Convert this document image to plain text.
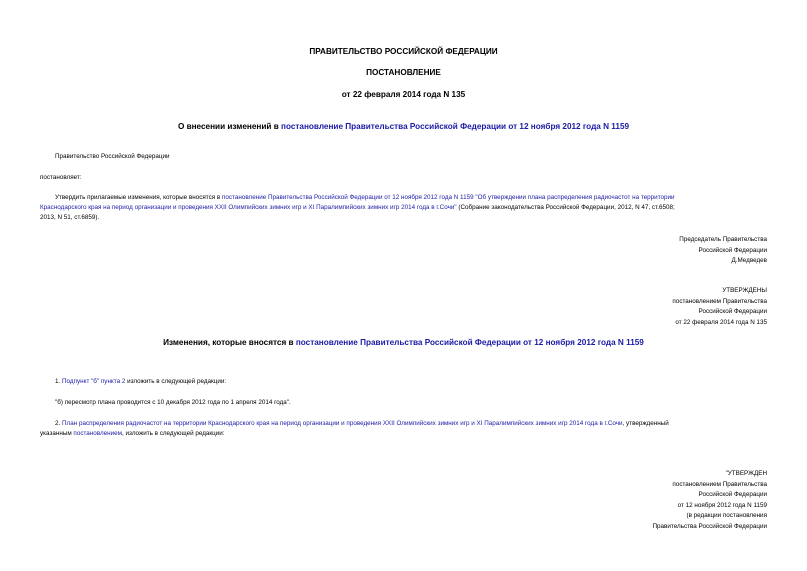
ПРАВИТЕЛЬСТВО РОССИЙСКОЙ ФЕДЕРАЦИИ
ПОСТАНОВЛЕНИЕ
от 22 февраля 2014 года N 135
О внесении изменений в постановление Правительства Российской Федерации от 12 ноября 2012 года N 1159
Правительство Российской Федерации
постановляет:
Утвердить прилагаемые изменения, которые вносятся в постановление Правительства Российской Федерации от 12 ноября 2012 года N 1159 "Об утверждении плана распределения радиочастот на территории
Краснодарского края на период организации и проведения XXII Олимпийских зимних игр и XI Паралимпийских зимних игр 2014 года в г.Сочи" (Собрание законодательства Российской Федерации, 2012, N 47, ст.6508;
2013, N 51, ст.6859).
Председатель Правительства
Российской Федерации
Д.Медведев
УТВЕРЖДЕНЫ
постановлением Правительства
Российской Федерации
от 22 февраля 2014 года N 135
Изменения, которые вносятся в постановление Правительства Российской Федерации от 12 ноября 2012 года N 1159
1. Подпункт "б" пункта 2 изложить в следующей редакции:
"б) пересмотр плана проводится с 10 декабря 2012 года по 1 апреля 2014 года".
2. План распределения радиочастот на территории Краснодарского края на период организации и проведения XXII Олимпийских зимних игр и XI Паралимпийских зимних игр 2014 года в г.Сочи, утвержденный
указанным постановлением, изложить в следующей редакции:
"УТВЕРЖДЕН
постановлением Правительства
Российской Федерации
от 12 ноября 2012 года N 1159
(в редакции постановления
Правительства Российской Федерации
